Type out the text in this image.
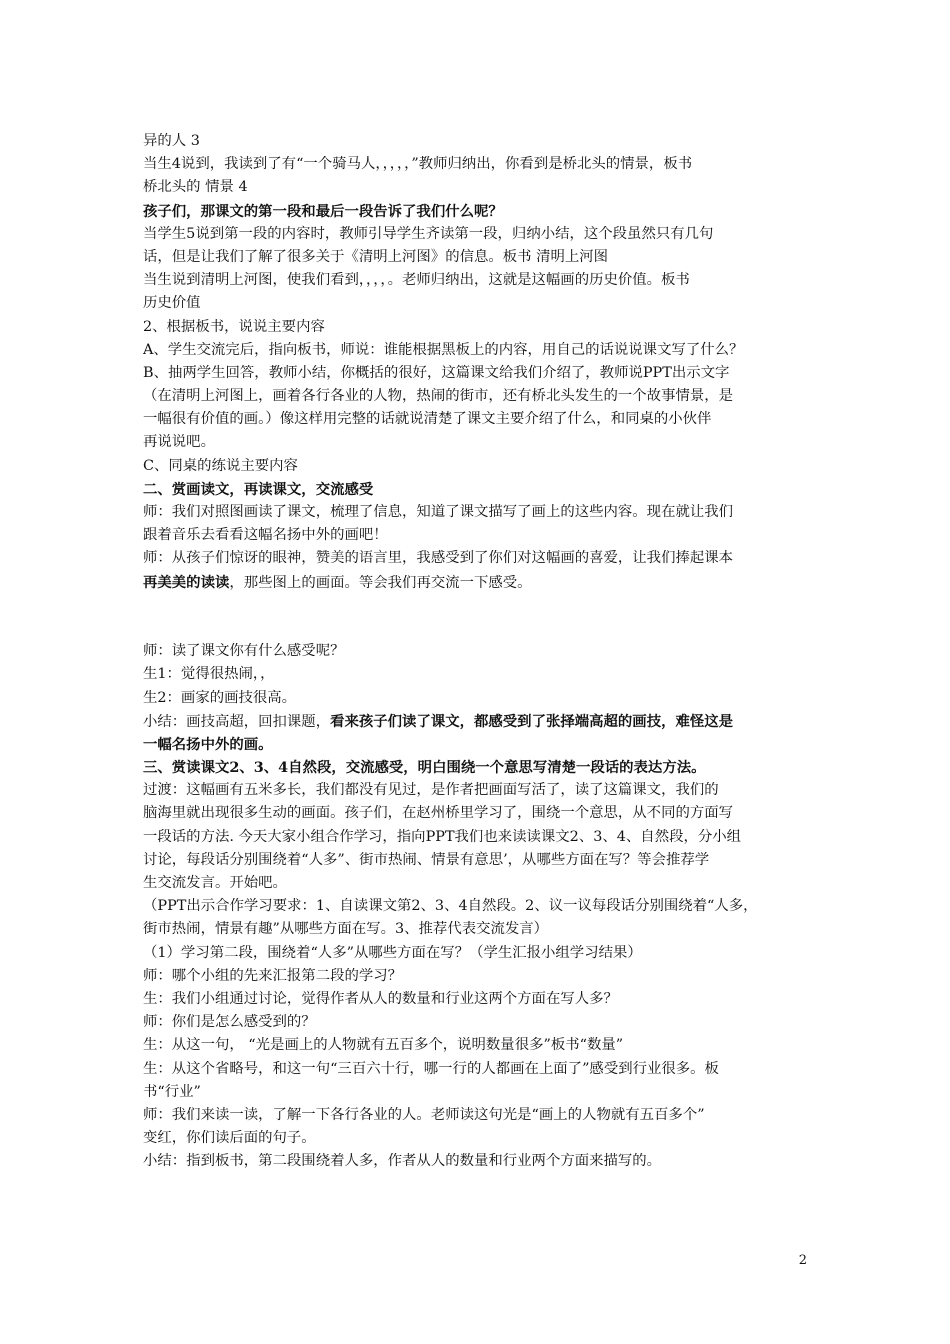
异的人 3
当生4说到，我读到了有“一个骑马人，，，，，”教师归纳出，你看到是桥北头的情景，板书
桥北头的 情景 4
孩子们，那课文的第一段和最后一段告诉了我们什么呢？
当学生5说到第一段的内容时，教师引导学生齐读第一段，归纳小结，这个段虽然只有几句
话，但是让我们了解了很多关于《清明上河图》的信息。板书 清明上河图
当生说到清明上河图，使我们看到，，，，。老师归纳出，这就是这幅画的历史价值。板书
历史价值
2、根据板书，说说主要内容
A、学生交流完后，指向板书，师说：谁能根据黑板上的内容，用自己的话说说课文写了什么？
B、抽两学生回答，教师小结，你概括的很好，这篇课文给我们介绍了，教师说PPT出示文字
（在清明上河图上，画着各行各业的人物，热闹的街市，还有桥北头发生的一个故事情景，是
一幅很有价值的画。）像这样用完整的话就说清楚了课文主要介绍了什么，和同桌的小伙伴
再说说吧。
C、同桌的练说主要内容
二、赏画读文，再读课文，交流感受
师：我们对照图画读了课文，梳理了信息，知道了课文描写了画上的这些内容。现在就让我们
跟着音乐去看看这幅名扬中外的画吧！
师：从孩子们惊讶的眼神，赞美的语言里，我感受到了你们对这幅画的喜爱，让我们捧起课本
再美美的读读，那些图上的画面。等会我们再交流一下感受。
师：读了课文你有什么感受呢？
生1：觉得很热闹，，
生2：画家的画技很高。
小结：画技高超，回扣课题，看来孩子们读了课文，都感受到了张择端高超的画技，难怪这是
一幅名扬中外的画。
三、赏读课文2、3、4自然段，交流感受，明白围绕一个意思写清楚一段话的表达方法。
过渡：这幅画有五米多长，我们都没有见过，是作者把画面写活了，读了这篇课文，我们的
脑海里就出现很多生动的画面。孩子们，在赵州桥里学习了，围绕一个意思，从不同的方面写
一段话的方法. 今天大家小组合作学习，指向PPT我们也来读读课文2、3、4、自然段，分小组
讨论，每段话分别围绕着“人多”、街市热闹、情景有意思’，从哪些方面在写？等会推荐学
生交流发言。开始吧。
（PPT出示合作学习要求：1、自读课文第2、3、4自然段。2、议一议每段话分别围绕着“人多，
街市热闹，情景有趣”从哪些方面在写。3、推荐代表交流发言）
（1）学习第二段，围绕着“人多”从哪些方面在写？（学生汇报小组学习结果）
师：哪个小组的先来汇报第二段的学习？
生：我们小组通过讨论，觉得作者从人的数量和行业这两个方面在写人多？
师：你们是怎么感受到的？
生：从这一句， “光是画上的人物就有五百多个，说明数量很多”板书“数量”
生：从这个省略号，和这一句“三百六十行，哪一行的人都画在上面了”感受到行业很多。板
书“行业”
师：我们来读一读，了解一下各行各业的人。老师读这句光是“画上的人物就有五百多个”
变红，你们读后面的句子。
小结：指到板书，第二段围绕着人多，作者从人的数量和行业两个方面来描写的。
2
